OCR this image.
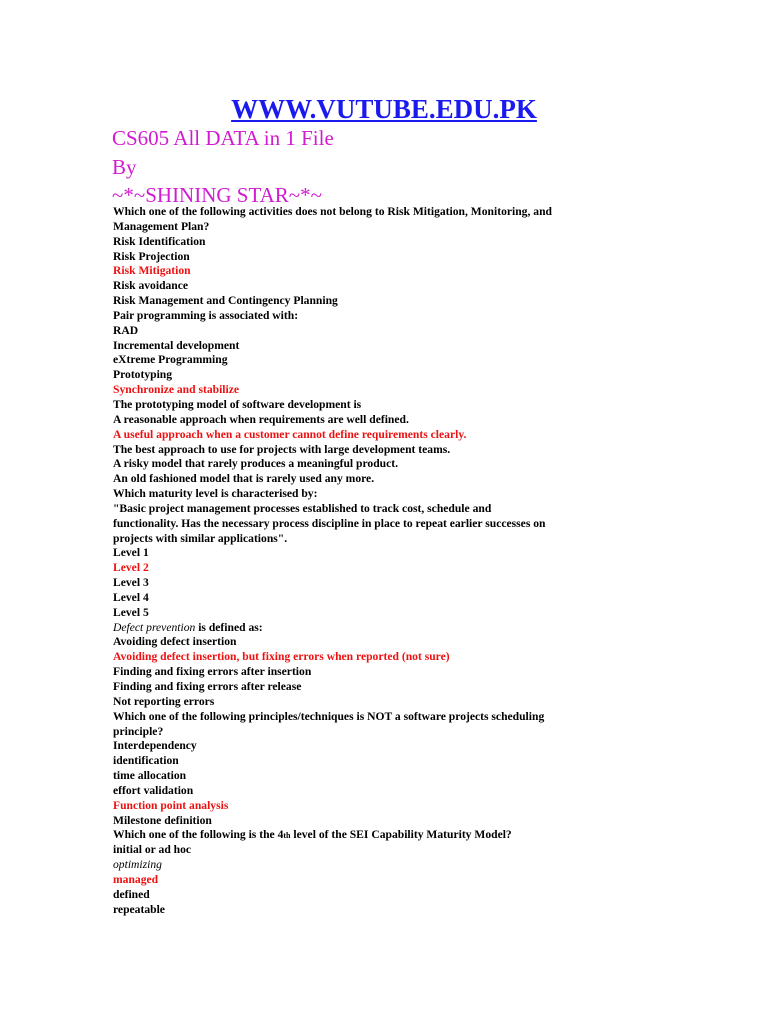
WWW.VUTUBE.EDU.PK
CS605 All DATA in 1 File
By
~*~SHINING STAR~*~
Which one of the following activities does not belong to Risk Mitigation, Monitoring, and
Management Plan?
Risk Identification
Risk Projection
Risk Mitigation
Risk avoidance
Risk Management and Contingency Planning
Pair programming is associated with:
RAD
Incremental development
eXtreme Programming
Prototyping
Synchronize and stabilize
The prototyping model of software development is
A reasonable approach when requirements are well defined.
A useful approach when a customer cannot define requirements clearly.
The best approach to use for projects with large development teams.
A risky model that rarely produces a meaningful product.
An old fashioned model that is rarely used any more.
Which maturity level is characterised by:
"Basic project management processes established to track cost, schedule and
functionality. Has the necessary process discipline in place to repeat earlier successes on
projects with similar applications".
Level 1
Level 2
Level 3
Level 4
Level 5
Defect prevention is defined as:
Avoiding defect insertion
Avoiding defect insertion, but fixing errors when reported (not sure)
Finding and fixing errors after insertion
Finding and fixing errors after release
Not reporting errors
Which one of the following principles/techniques is NOT a software projects scheduling
principle?
Interdependency
identification
time allocation
effort validation
Function point analysis
Milestone definition
Which one of the following is the 4th level of the SEI Capability Maturity Model?
initial or ad hoc
optimizing
managed
defined
repeatable
